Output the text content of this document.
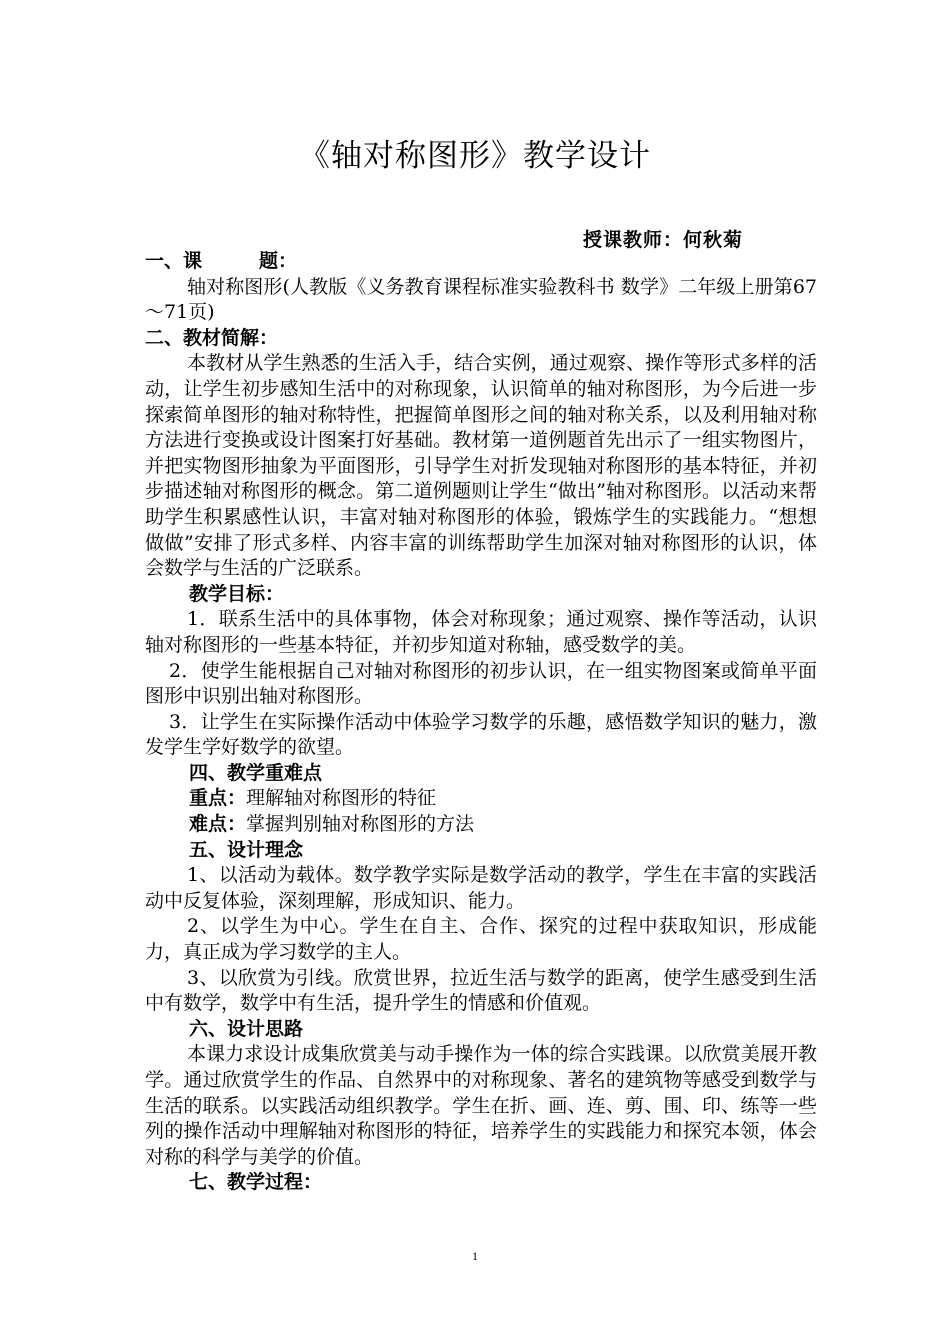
《轴对称图形》教学设计
授课教师：何秋菊

一、课　　　题：

轴对称图形(人教版《义务教育课程标准实验教科书 数学》二年级上册第67～71页)

二、教材简解：

本教材从学生熟悉的生活入手，结合实例，通过观察、操作等形式多样的活动，让学生初步感知生活中的对称现象，认识简单的轴对称图形，为今后进一步探索简单图形的轴对称特性，把握简单图形之间的轴对称关系，以及利用轴对称方法进行变换或设计图案打好基础。教材第一道例题首先出示了一组实物图片，并把实物图形抽象为平面图形，引导学生对折发现轴对称图形的基本特征，并初步描述轴对称图形的概念。第二道例题则让学生“做出”轴对称图形。以活动来帮助学生积累感性认识，丰富对轴对称图形的体验，锻炼学生的实践能力。“想想做做”安排了形式多样、内容丰富的训练帮助学生加深对轴对称图形的认识，体会数学与生活的广泛联系。

教学目标：

1．联系生活中的具体事物，体会对称现象；通过观察、操作等活动，认识轴对称图形的一些基本特征，并初步知道对称轴，感受数学的美。

2．使学生能根据自己对轴对称图形的初步认识，在一组实物图案或简单平面图形中识别出轴对称图形。

3．让学生在实际操作活动中体验学习数学的乐趣，感悟数学知识的魅力，激发学生学好数学的欲望。

四、教学重难点

重点：理解轴对称图形的特征

难点：掌握判别轴对称图形的方法

五、设计理念

1、以活动为载体。数学教学实际是数学活动的教学，学生在丰富的实践活动中反复体验，深刻理解，形成知识、能力。

2、以学生为中心。学生在自主、合作、探究的过程中获取知识，形成能力，真正成为学习数学的主人。

3、以欣赏为引线。欣赏世界，拉近生活与数学的距离，使学生感受到生活中有数学，数学中有生活，提升学生的情感和价值观。

六、设计思路

本课力求设计成集欣赏美与动手操作为一体的综合实践课。以欣赏美展开教学。通过欣赏学生的作品、自然界中的对称现象、著名的建筑物等感受到数学与生活的联系。以实践活动组织教学。学生在折、画、连、剪、围、印、练等一些列的操作活动中理解轴对称图形的特征，培养学生的实践能力和探究本领，体会对称的科学与美学的价值。

七、教学过程：

1
